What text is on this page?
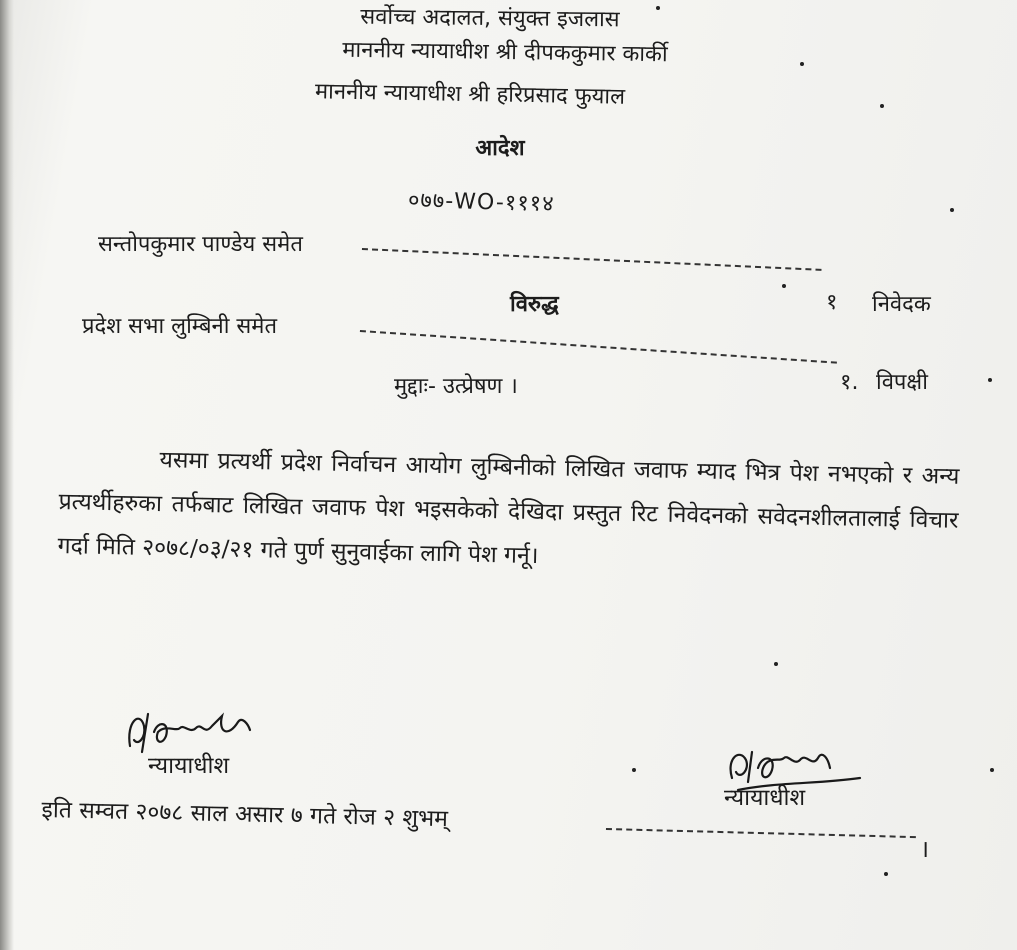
सर्वोच्च अदालत, संयुक्त इजलास
माननीय न्यायाधीश श्री दीपककुमार कार्की
माननीय न्यायाधीश श्री हरिप्रसाद फुयाल
आदेश
०७७-WO-१११४
सन्तोपकुमार पाण्डेय समेत
१ निवेदक
विरुद्ध
प्रदेश सभा लुम्बिनी समेत
१. विपक्षी
मुद्दाः- उत्प्रेषण ।
यसमा प्रत्यर्थी प्रदेश निर्वाचन आयोग लुम्बिनीको लिखित जवाफ म्याद भित्र पेश नभएको र अन्य प्रत्यर्थीहरुका तर्फबाट लिखित जवाफ पेश भइसकेको देखिदा प्रस्तुत रिट निवेदनको सवेदनशीलतालाई विचार गर्दा मिति २०७८/०३/२१ गते पुर्ण सुनुवाईका लागि पेश गर्नू।
न्यायाधीश
न्यायाधीश
इति सम्वत २०७८ साल असार ७ गते रोज २ शुभम्
।
